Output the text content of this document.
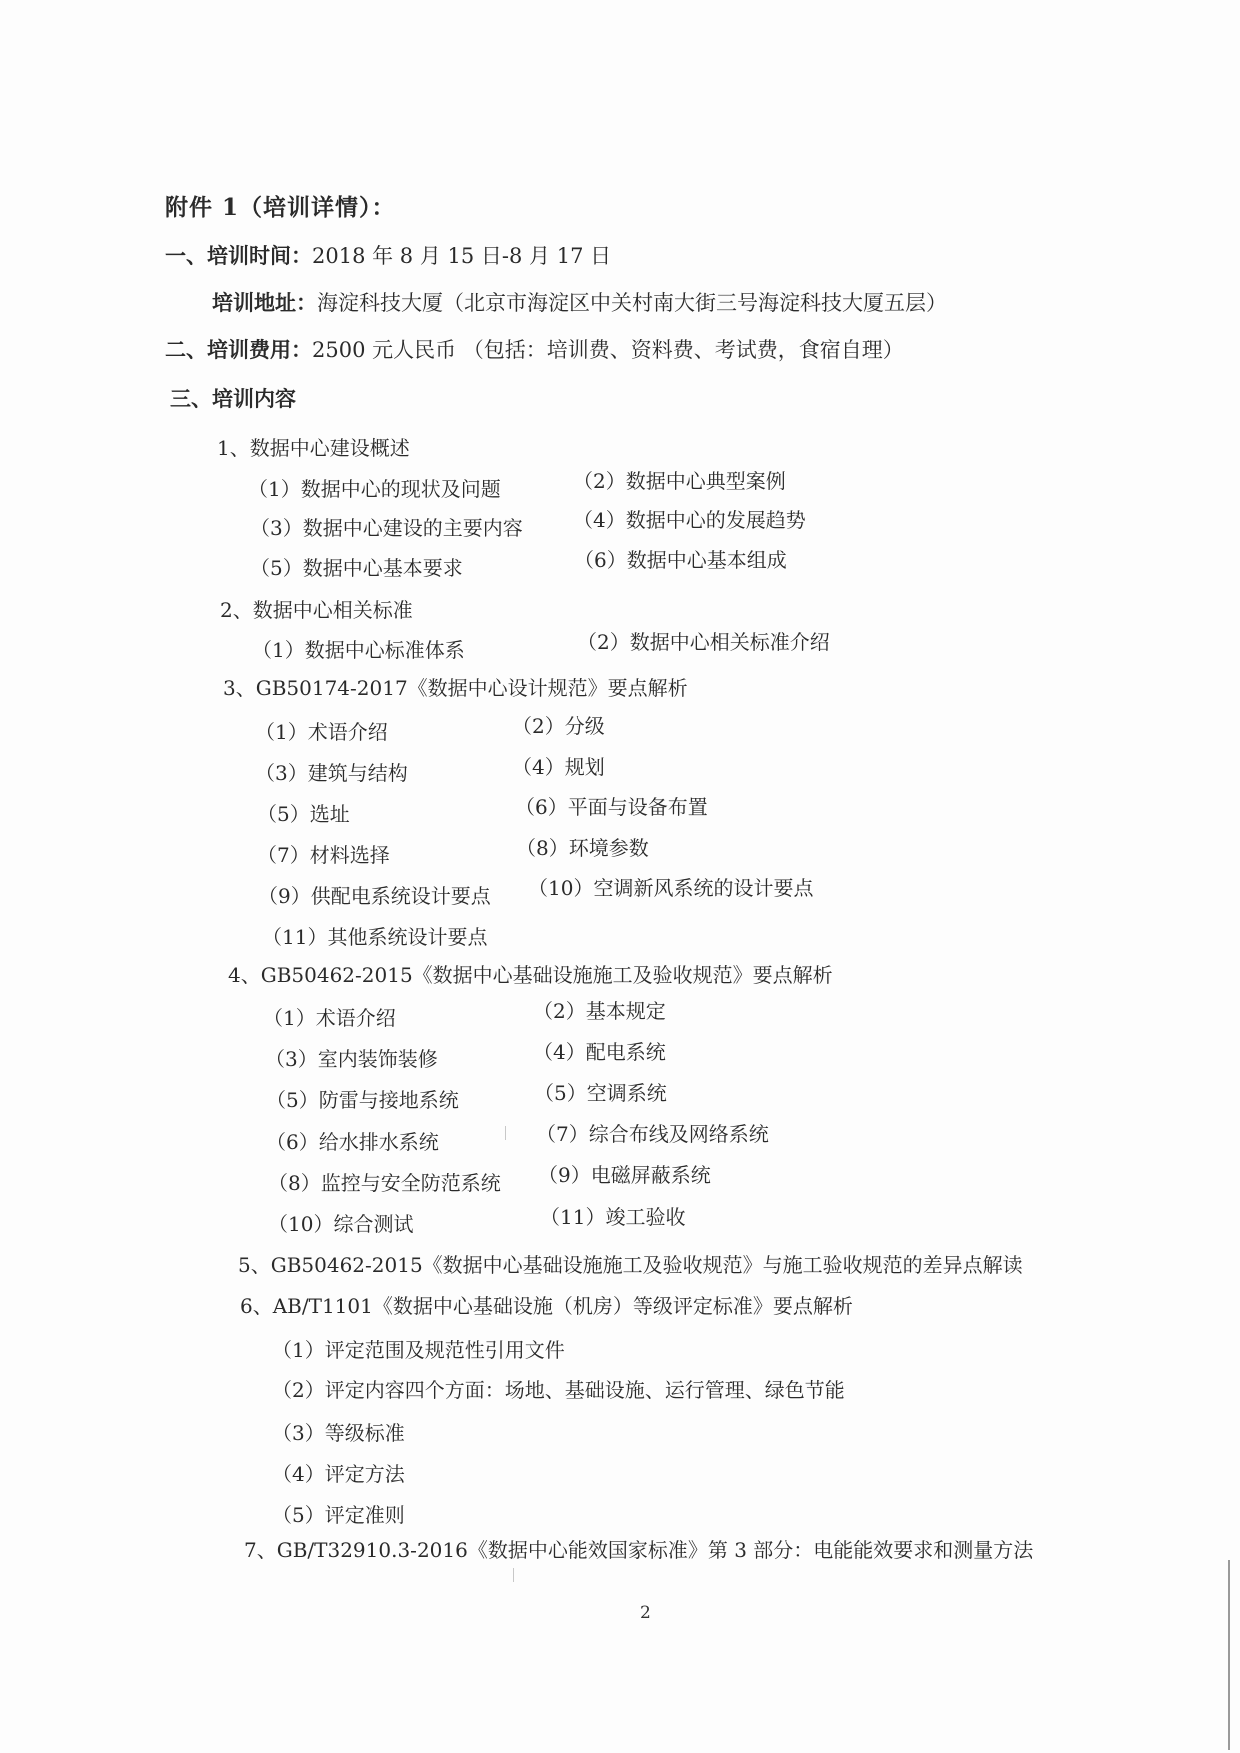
附件 1（培训详情）：
一、培训时间：2018 年 8 月 15 日-8 月 17 日
培训地址：海淀科技大厦（北京市海淀区中关村南大街三号海淀科技大厦五层）
二、培训费用：2500 元人民币 （包括：培训费、资料费、考试费，食宿自理）
三、培训内容
1、数据中心建设概述
（1）数据中心的现状及问题	（2）数据中心典型案例
（3）数据中心建设的主要内容	（4）数据中心的发展趋势
（5）数据中心基本要求	（6）数据中心基本组成
2、数据中心相关标准
（1）数据中心标准体系	（2）数据中心相关标准介绍
3、GB50174-2017《数据中心设计规范》要点解析
（1）术语介绍	（2）分级
（3）建筑与结构	（4）规划
（5）选址	（6）平面与设备布置
（7）材料选择	（8）环境参数
（9）供配电系统设计要点 （10）空调新风系统的设计要点
（11）其他系统设计要点
4、GB50462-2015《数据中心基础设施施工及验收规范》要点解析
（1）术语介绍	（2）基本规定
（3）室内装饰装修	（4）配电系统
（5）防雷与接地系统	（5）空调系统
（6）给水排水系统	（7）综合布线及网络系统
（8）监控与安全防范系统 （9）电磁屏蔽系统
（10）综合测试	（11）竣工验收
5、GB50462-2015《数据中心基础设施施工及验收规范》与施工验收规范的差异点解读
6、AB/T1101《数据中心基础设施（机房）等级评定标准》要点解析
（1）评定范围及规范性引用文件
（2）评定内容四个方面：场地、基础设施、运行管理、绿色节能
（3）等级标准
（4）评定方法
（5）评定准则
7、GB/T32910.3-2016《数据中心能效国家标准》第 3 部分：电能能效要求和测量方法
2
